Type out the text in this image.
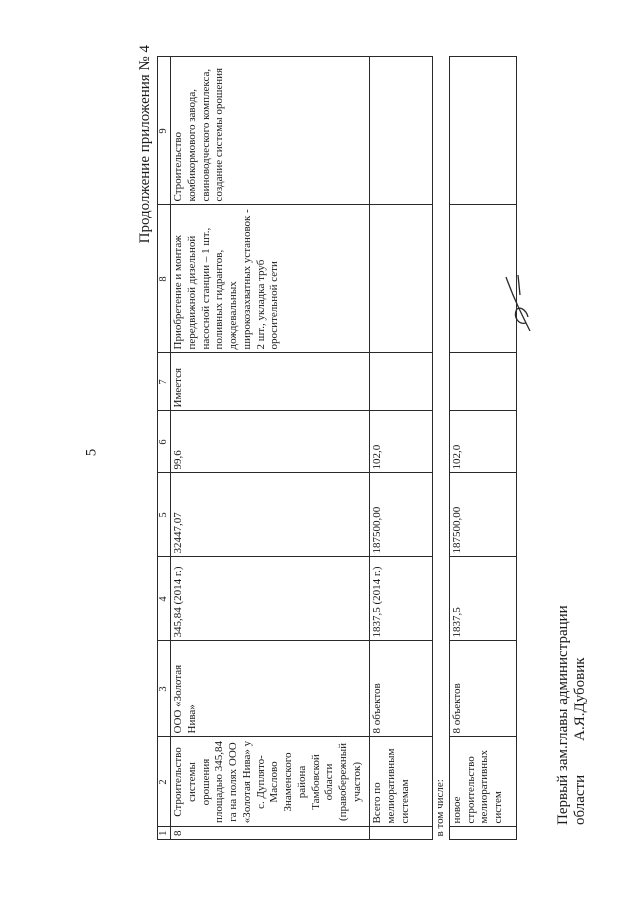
5
Продолжение приложения № 4
1	2	3	4	5	6	7	8	9
8	Строительство системы орошения площадью 345,84 га на полях ООО «Золотая Нива» у с. Дуплято-Маслово Знаменского района Тамбовской области (правобережный участок)	ООО «Золотая Нива»	345,84 (2014 г.)	32447,07	99,6	Имеется	Приобретение и монтаж передвижной дизельной насосной станции – 1 шт., поливных гидрантов, дождевальных широкозахватных установок - 2 шт., укладка труб оросительной сети	Строительство комбикормового завода, свиноводческого комплекса, создание системы орошения
	Всего по мелиоративным системам	8 объектов	1837,5 (2014 г.)	187500,00	102,0			
в том числе:								
	новое строительство мелиоративных систем	8 объектов	1837,5	187500,00	102,0			
Первый зам.главы администрации области
А.Я.Дубовик
